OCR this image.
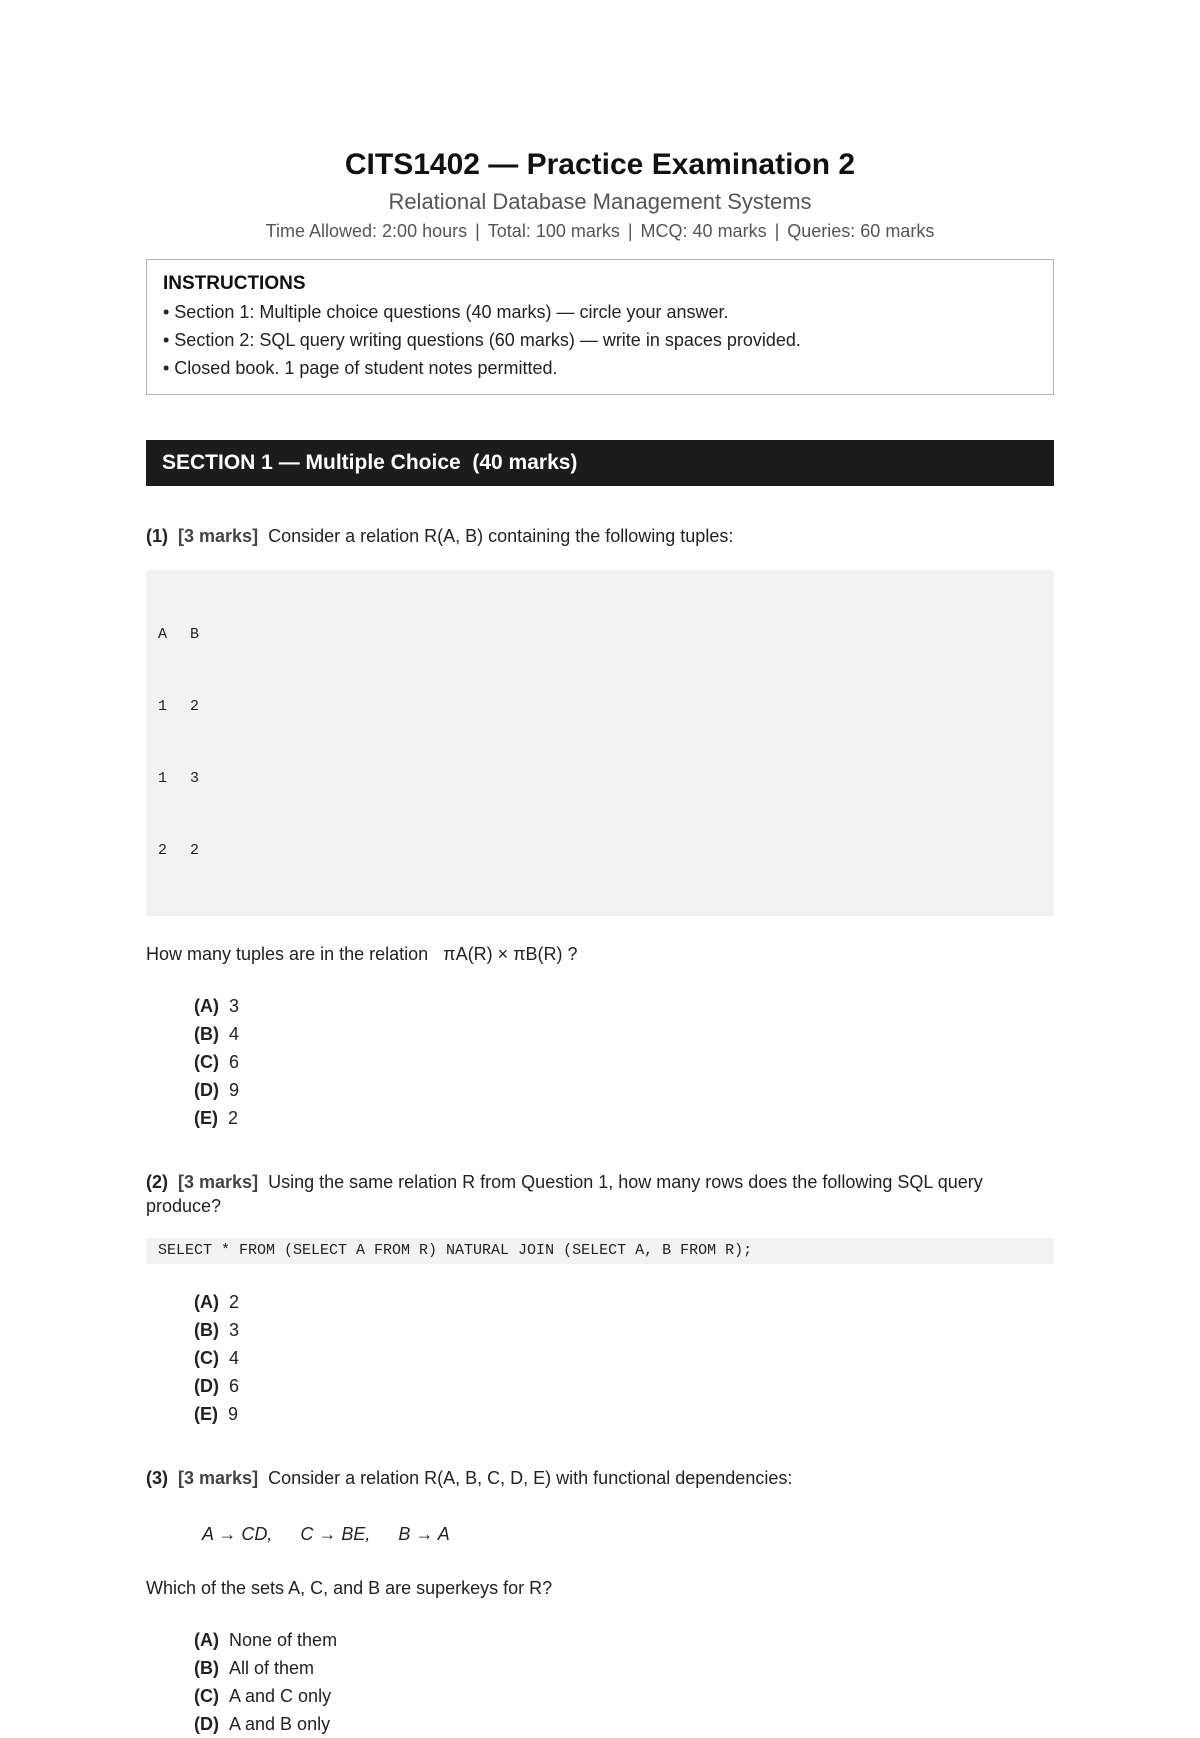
CITS1402 — Practice Examination 2
Relational Database Management Systems
Time Allowed: 2:00 hours | Total: 100 marks | MCQ: 40 marks | Queries: 60 marks
INSTRUCTIONS
• Section 1: Multiple choice questions (40 marks) — circle your answer.
• Section 2: SQL query writing questions (60 marks) — write in spaces provided.
• Closed book. 1 page of student notes permitted.
SECTION 1 — Multiple Choice  (40 marks)

(1) [3 marks] Consider a relation R(A, B) containing the following tuples:

A B

1 2

1 3

2 2

How many tuples are in the relation   πA(R) × πB(R) ?

(A) 3
(B) 4
(C) 6
(D) 9
(E) 2

(2) [3 marks] Using the same relation R from Question 1, how many rows does the following SQL query produce?

SELECT * FROM (SELECT A FROM R) NATURAL JOIN (SELECT A, B FROM R);
(A) 2
(B) 3
(C) 4
(D) 6
(E) 9

(3) [3 marks] Consider a relation R(A, B, C, D, E) with functional dependencies:

A → CD, C → BE, B → A

Which of the sets A, C, and B are superkeys for R?

(A) None of them
(B) All of them
(C) A and C only
(D) A and B only
